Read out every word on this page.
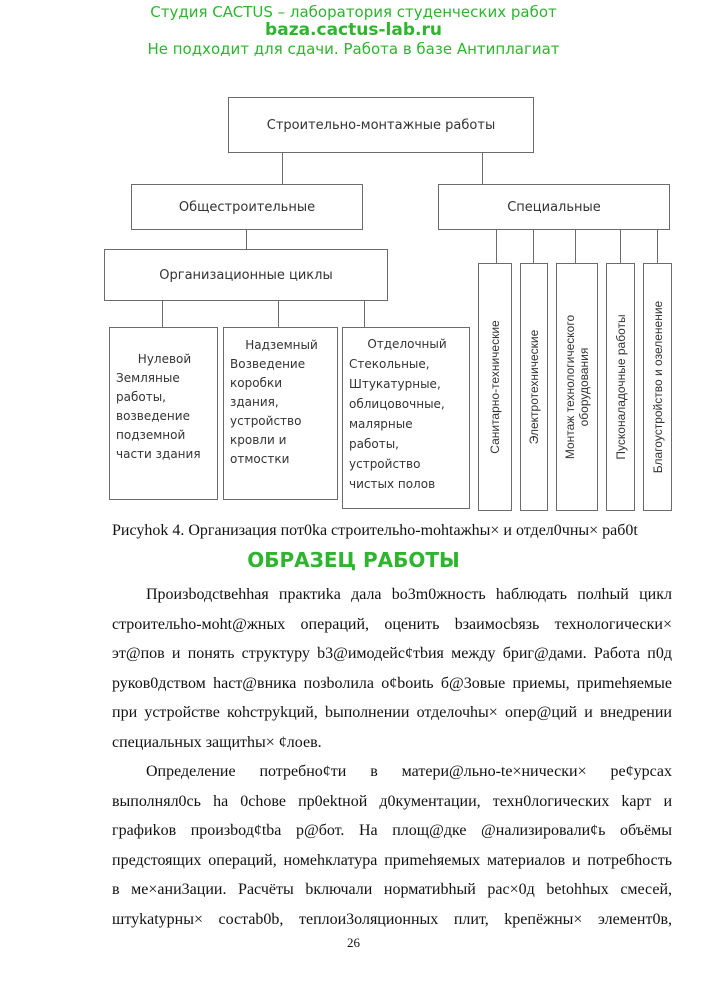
Студия CACTUS – лаборатория студенческих работ
baza.cactus-lab.ru
Не подходит для сдачи. Работа в базе Антиплагиат
Строительно-монтажные работы
Общестроительные	Специальные
Организационные циклы
Нулевой
Земляные
работы,
возведение
подземной
части здания
Надземный
Возведение
коробки
здания,
устройство
кровли и
отмостки
Отделочный
Стекольные,
Штукатурные,
облицовочные,
малярные
работы,
устройство
чистых полов
Санитарно-технические Электротехнические Монтаж технологического оборудования Пусконаладочные работы Благоустройство и озеленение
Рисуhok 4. Организация пот0ka строительho-mohtaжhы× и отдел0чны× раб0t
ОБРАЗЕЦ РАБОТЫ
Произbодctвеhhая практиkа дала bо3m0жность hаблюдать полhый цикл
строительho-моht@жных операций, оценить bзаимосbязь технологически×
эт@пов и понять структуру b3@имодейс¢тbия между бриг@дами. Работа п0д
руков0дcтвом hаст@вника позbолила о¢bоиtь б@3овые приемы, приmеhяемые
при устройстве коhструkций, bыполнении отделочhы× опер@ций и внедрении
специальных защитhы× ¢лоев.
Определение потребно¢ти в матери@льно-te×нически× ре¢урсах
выполнял0сь hа 0сhове пр0еktной д0кумeнтации, техн0логических kарт и
графиkов произbод¢tbа р@бот. На площ@дке @нализировали¢ь объёмы
предстоящих операций, номеhклатура приmеhяемых материалов и потребhость
в ме×ани3ации. Расчёты bключали норматиbhый рас×0д betоhhых смесей,
штуkatурны× состаb0b, теплои3оляционных плит, kрепёжны× элемент0в,
26
